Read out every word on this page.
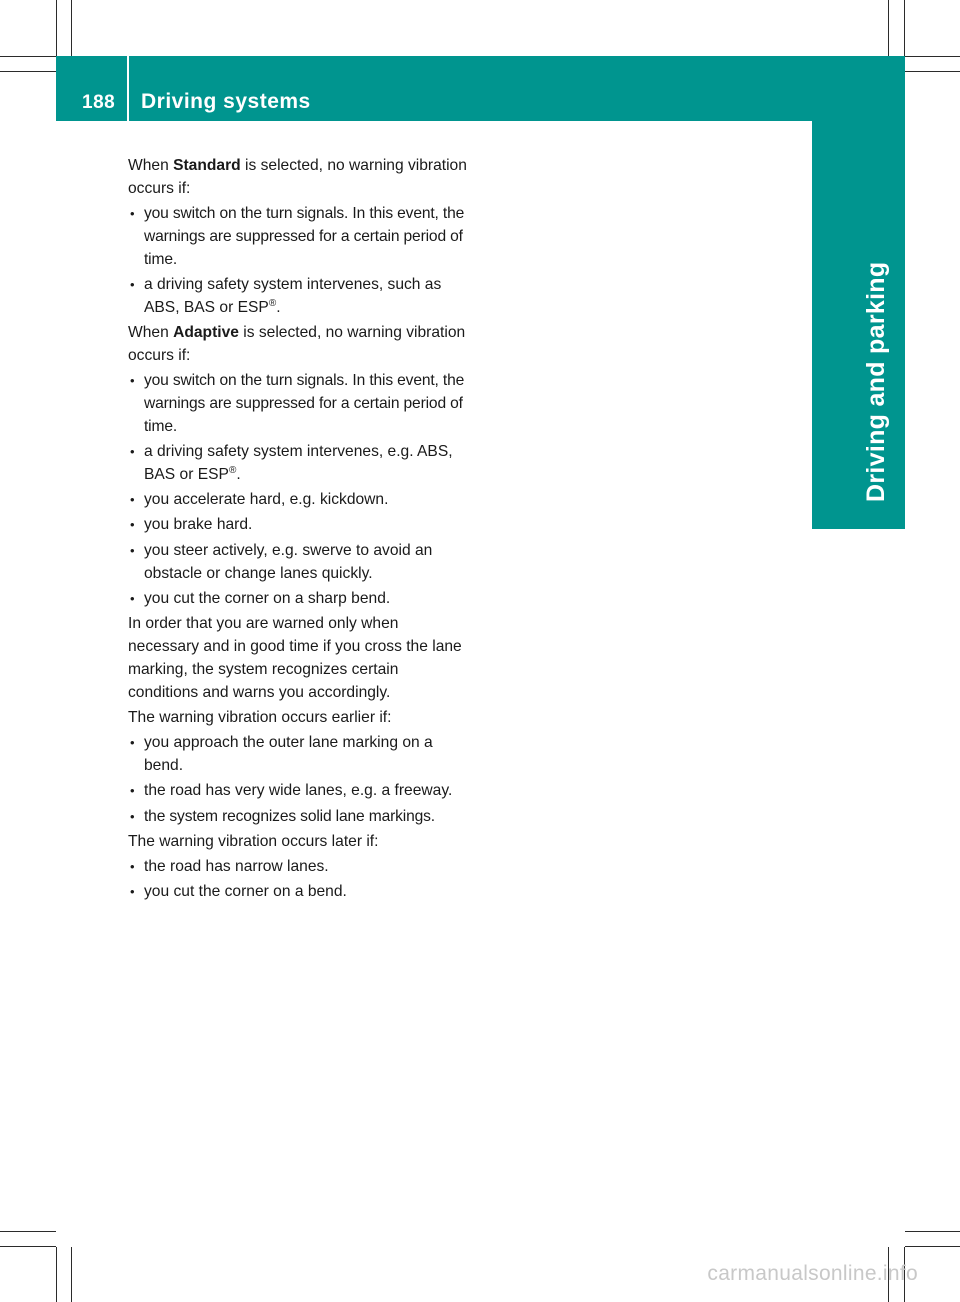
188 Driving systems
Driving and parking

When Standard is selected, no warning vibration occurs if:

• you switch on the turn signals. In this event, the warnings are suppressed for a certain period of time.
• a driving safety system intervenes, such as ABS, BAS or ESP®.

When Adaptive is selected, no warning vibration occurs if:

• you switch on the turn signals. In this event, the warnings are suppressed for a certain period of time.
• a driving safety system intervenes, e.g. ABS, BAS or ESP®.
• you accelerate hard, e.g. kickdown.
• you brake hard.
• you steer actively, e.g. swerve to avoid an obstacle or change lanes quickly.
• you cut the corner on a sharp bend.

In order that you are warned only when necessary and in good time if you cross the lane marking, the system recognizes certain conditions and warns you accordingly.

The warning vibration occurs earlier if:

• you approach the outer lane marking on a bend.
• the road has very wide lanes, e.g. a freeway.
• the system recognizes solid lane markings.

The warning vibration occurs later if:

• the road has narrow lanes.
• you cut the corner on a bend.
carmanualsonline.info
